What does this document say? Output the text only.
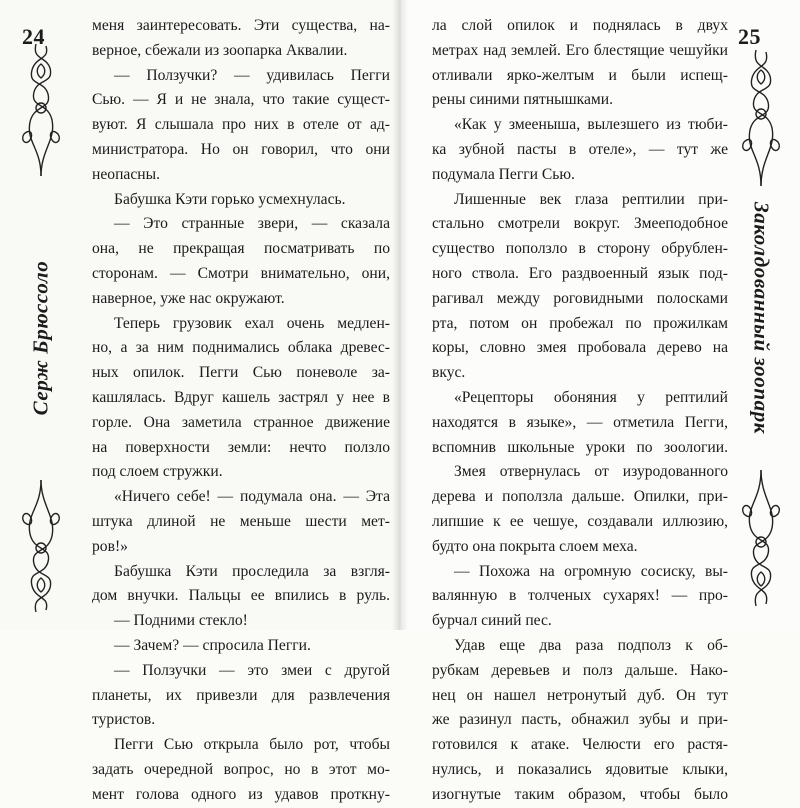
24
Серж Брюссоло
меня заинтересовать. Эти существа, на-
верное, сбежали из зоопарка Аквалии.
— Ползучки? — удивилась Пегги
Сью. — Я и не знала, что такие сущест-
вуют. Я слышала про них в отеле от ад-
министратора. Но он говорил, что они
неопасны.
Бабушка Кэти горько усмехнулась.
— Это странные звери, — сказала
она, не прекращая посматривать по
сторонам. — Смотри внимательно, они,
наверное, уже нас окружают.
Теперь грузовик ехал очень медлен-
но, а за ним поднимались облака древес-
ных опилок. Пегги Сью поневоле за-
кашлялась. Вдруг кашель застрял у нее в
горле. Она заметила странное движение
на поверхности земли: нечто ползло
под слоем стружки.
«Ничего себе! — подумала она. — Эта
штука длиной не меньше шести мет-
ров!»
Бабушка Кэти проследила за взгля-
дом внучки. Пальцы ее впились в руль.
— Подними стекло!
— Зачем? — спросила Пегги.
— Ползучки — это змеи с другой
планеты, их привезли для развлечения
туристов.
Пегги Сью открыла было рот, чтобы
задать очередной вопрос, но в этот мо-
мент голова одного из удавов проткну-
25
Заколдованный зоопарк
ла слой опилок и поднялась в двух
метрах над землей. Его блестящие чешуйки
отливали ярко-желтым и были испещ-
рены синими пятнышками.
«Как у змееныша, вылезшего из тюби-
ка зубной пасты в отеле», — тут же
подумала Пегги Сью.
Лишенные век глаза рептилии при-
стально смотрели вокруг. Змееподобное
существо поползло в сторону обрублен-
ного ствола. Его раздвоенный язык под-
рагивал между роговидными полосками
рта, потом он пробежал по прожилкам
коры, словно змея пробовала дерево на
вкус.
«Рецепторы обоняния у рептилий
находятся в языке», — отметила Пегги,
вспомнив школьные уроки по зоологии.
Змея отвернулась от изуродованного
дерева и поползла дальше. Опилки, при-
липшие к ее чешуе, создавали иллюзию,
будто она покрыта слоем меха.
— Похожа на огромную сосиску, вы-
валянную в толченых сухарях! — про-
бурчал синий пес.
Удав еще два раза подполз к об-
рубкам деревьев и полз дальше. Нако-
нец он нашел нетронутый дуб. Он тут
же разинул пасть, обнажил зубы и при-
готовился к атаке. Челюсти его растя-
нулись, и показались ядовитые клыки,
изогнутые таким образом, чтобы было
